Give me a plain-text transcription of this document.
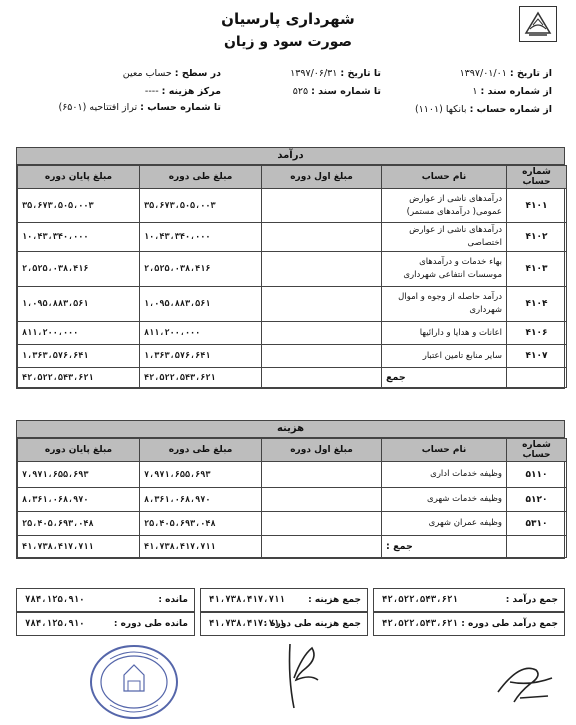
شهرداری پارسیان
صورت سود و زیان
از تاریخ : ۱۳۹۷/۰۱/۰۱
تا تاریخ : ۱۳۹۷/۰۶/۳۱
در سطح : حساب معین
از شماره سند : ۱
تا شماره سند : ۵۲۵
مرکز هزینه : ----
از شماره حساب : بانکها (۱۱۰۱)
تا شماره حساب : تراز افتتاحیه (۶۵۰۱)
درآمد
شماره حساب	نام حساب	مبلغ اول دوره	مبلغ طی دوره	مبلغ پایان دوره
۴۱۰۱	درآمدهای ناشی از عوارض عمومی( درآمدهای مستمر)		۳۵،۶۷۳،۵۰۵،۰۰۳	۳۵،۶۷۳،۵۰۵،۰۰۳
۴۱۰۲	درآمدهای ناشی از عوارض اختصاصی		۱۰،۴۳،۳۴۰،۰۰۰	۱۰،۴۳،۳۴۰،۰۰۰
۴۱۰۳	بهاء خدمات و درآمدهای موسسات انتفاعی شهرداری		۲،۵۲۵،۰۳۸،۴۱۶	۲،۵۲۵،۰۳۸،۴۱۶
۴۱۰۴	درآمد حاصله از وجوه و اموال شهرداری		۱،۰۹۵،۸۸۳،۵۶۱	۱،۰۹۵،۸۸۳،۵۶۱
۴۱۰۶	اعانات و هدایا و دارائیها		۸۱۱،۲۰۰،۰۰۰	۸۱۱،۲۰۰،۰۰۰
۴۱۰۷	سایر منابع تامین اعتبار		۱،۳۶۳،۵۷۶،۶۴۱	۱،۳۶۳،۵۷۶،۶۴۱
	جمع		۴۲،۵۲۲،۵۴۳،۶۲۱	۴۲،۵۲۲،۵۴۳،۶۲۱
هزینه
شماره حساب	نام حساب	مبلغ اول دوره	مبلغ طی دوره	مبلغ پایان دوره
۵۱۱۰	وظیفه خدمات اداری		۷،۹۷۱،۶۵۵،۶۹۳	۷،۹۷۱،۶۵۵،۶۹۳
۵۱۲۰	وظیفه خدمات شهری		۸،۳۶۱،۰۶۸،۹۷۰	۸،۳۶۱،۰۶۸،۹۷۰
۵۳۱۰	وظیفه عمران شهری		۲۵،۴۰۵،۶۹۳،۰۴۸	۲۵،۴۰۵،۶۹۳،۰۴۸
	جمع :		۴۱،۷۳۸،۴۱۷،۷۱۱	۴۱،۷۳۸،۴۱۷،۷۱۱
جمع درآمد :
۴۲،۵۲۲،۵۴۳،۶۲۱
جمع هزینه :
۴۱،۷۳۸،۴۱۷،۷۱۱
مانده :
۷۸۴،۱۲۵،۹۱۰
جمع درآمد طی دوره :
۴۲،۵۲۲،۵۴۳،۶۲۱
جمع هزینه طی دوره :
۴۱،۷۳۸،۴۱۷،۷۱۱
مانده طی دوره :
۷۸۴،۱۲۵،۹۱۰
